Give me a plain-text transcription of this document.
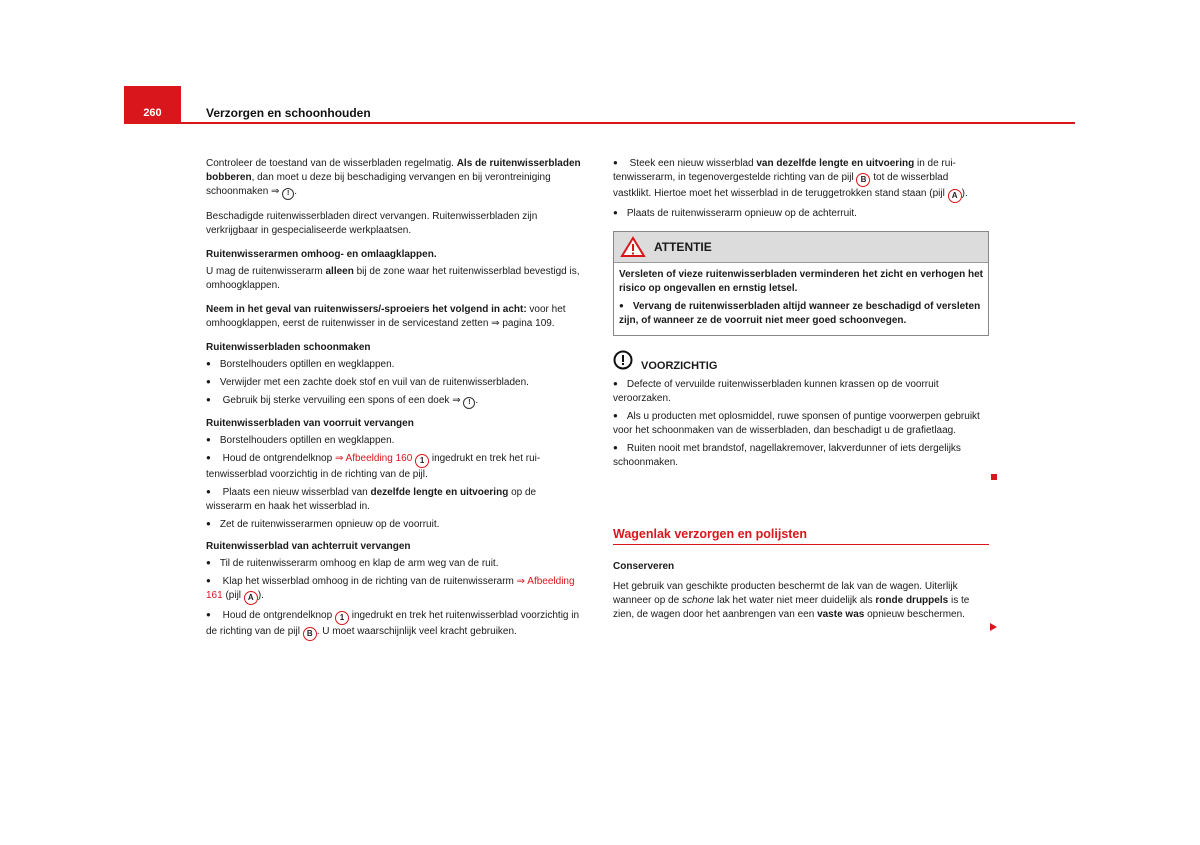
260	Verzorgen en schoonhouden

Controleer de toestand van de wisserbladen regelmatig. Als de ruitenwisserbladen bobberen, dan moet u deze bij beschadiging vervangen en bij verontreiniging schoonmaken ⇒ ! .

Beschadigde ruitenwisserbladen direct vervangen. Ruitenwisserbladen zijn verkrijgbaar in gespecialiseerde werkplaatsen.

Ruitenwisserarmen omhoog- en omlaagklappen.

U mag de ruitenwisserarm alleen bij de zone waar het ruitenwisserblad bevestigd is, omhoogklappen.

Neem in het geval van ruitenwissers/-sproeiers het volgend in acht: voor het omhoogklappen, eerst de ruitenwisser in de servicestand zetten ⇒ pagina 109.

Ruitenwisserbladen schoonmaken

● Borstelhouders optillen en wegklappen.

● Verwijder met een zachte doek stof en vuil van de ruitenwisserbladen.

● Gebruik bij sterke vervuiling een spons of een doek ⇒ ! .

Ruitenwisserbladen van voorruit vervangen

● Borstelhouders optillen en wegklappen.

● Houd de ontgrendelknop ⇒ Afbeelding 160 1 ingedrukt en trek het ruitenwisserblad voorzichtig in de richting van de pijl.

● Plaats een nieuw wisserblad van dezelfde lengte en uitvoering op de wisserarm en haak het wisserblad in.

● Zet de ruitenwisserarmen opnieuw op de voorruit.

Ruitenwisserblad van achterruit vervangen

● Til de ruitenwisserarm omhoog en klap de arm weg van de ruit.

● Klap het wisserblad omhoog in de richting van de ruitenwisserarm ⇒ Afbeelding 161 (pijl A ).

● Houd de ontgrendelknop 1 ingedrukt en trek het ruitenwisserblad voorzichtig in de richting van de pijl B . U moet waarschijnlijk veel kracht gebruiken.

● Steek een nieuw wisserblad van dezelfde lengte en uitvoering in de ruitenwisserarm, in tegenovergestelde richting van de pijl B tot de wisserblad vastklikt. Hiertoe moet het wisserblad in de teruggetrokken stand staan (pijl A ).

● Plaats de ruitenwisserarm opnieuw op de achterruit.

ATTENTIE

Versleten of vieze ruitenwisserbladen verminderen het zicht en verhogen het risico op ongevallen en ernstig letsel.

● Vervang de ruitenwisserbladen altijd wanneer ze beschadigd of versleten zijn, of wanneer ze de voorruit niet meer goed schoonvegen.

VOORZICHTIG

● Defecte of vervuilde ruitenwisserbladen kunnen krassen op de voorruit veroorzaken.

● Als u producten met oplosmiddel, ruwe sponsen of puntige voorwerpen gebruikt voor het schoonmaken van de wisserbladen, dan beschadigt u de grafietlaag.

● Ruiten nooit met brandstof, nagellakremover, lakverdunner of iets dergelijks schoonmaken.

Wagenlak verzorgen en polijsten

Conserveren

Het gebruik van geschikte producten beschermt de lak van de wagen. Uiterlijk wanneer op de schone lak het water niet meer duidelijk als ronde druppels is te zien, de wagen door het aanbrengen van een vaste was opnieuw beschermen.
